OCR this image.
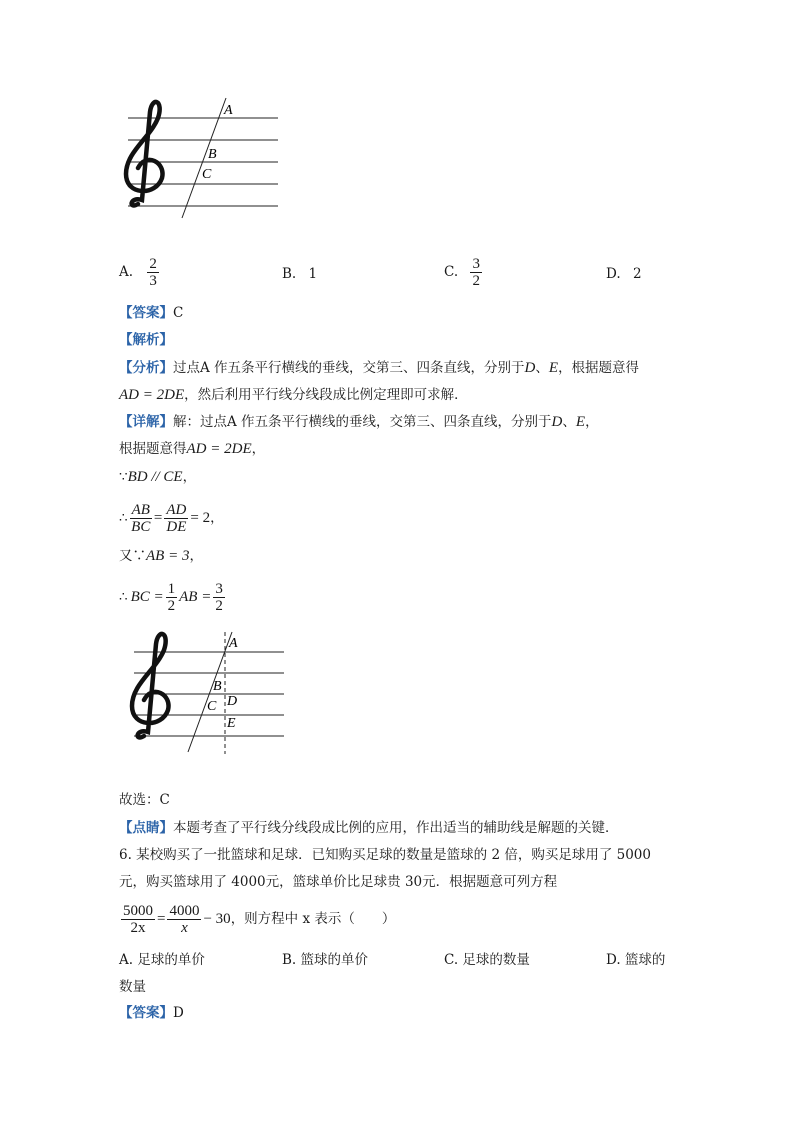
A
B
C
A. $\frac{2}{3}$	B. 1	C. $\frac{3}{2}$	D. 2
【答案】C
【解析】
【分析】过点A 作五条平行横线的垂线，交第三、四条直线，分别于D、E，根据题意得
AD = 2DE，然后利用平行线分线段成比例定理即可求解．
【详解】解：过点A 作五条平行横线的垂线，交第三、四条直线，分别于D、E，
根据题意得AD = 2DE，
∵BD // CE，
∴ $\frac{AB}{BC} = \frac{AD}{DE} = 2$ ，
又∵AB = 3，
∴ BC = $\frac{1}{2}$ AB = $\frac{3}{2}$
A
B
D
C
E
故选：C
【点睛】本题考查了平行线分线段成比例的应用，作出适当的辅助线是解题的关键．
6. 某校购买了一批篮球和足球．已知购买足球的数量是篮球的 2 倍，购买足球用了 5000
元，购买篮球用了 4000元，篮球单价比足球贵 30元．根据题意可列方程
$\frac{5000}{2x} = \frac{4000}{x} - 30$ ，则方程中 x 表示（　　）
A. 足球的单价	B. 篮球的单价	C. 足球的数量	D. 篮球的
数量
【答案】D
